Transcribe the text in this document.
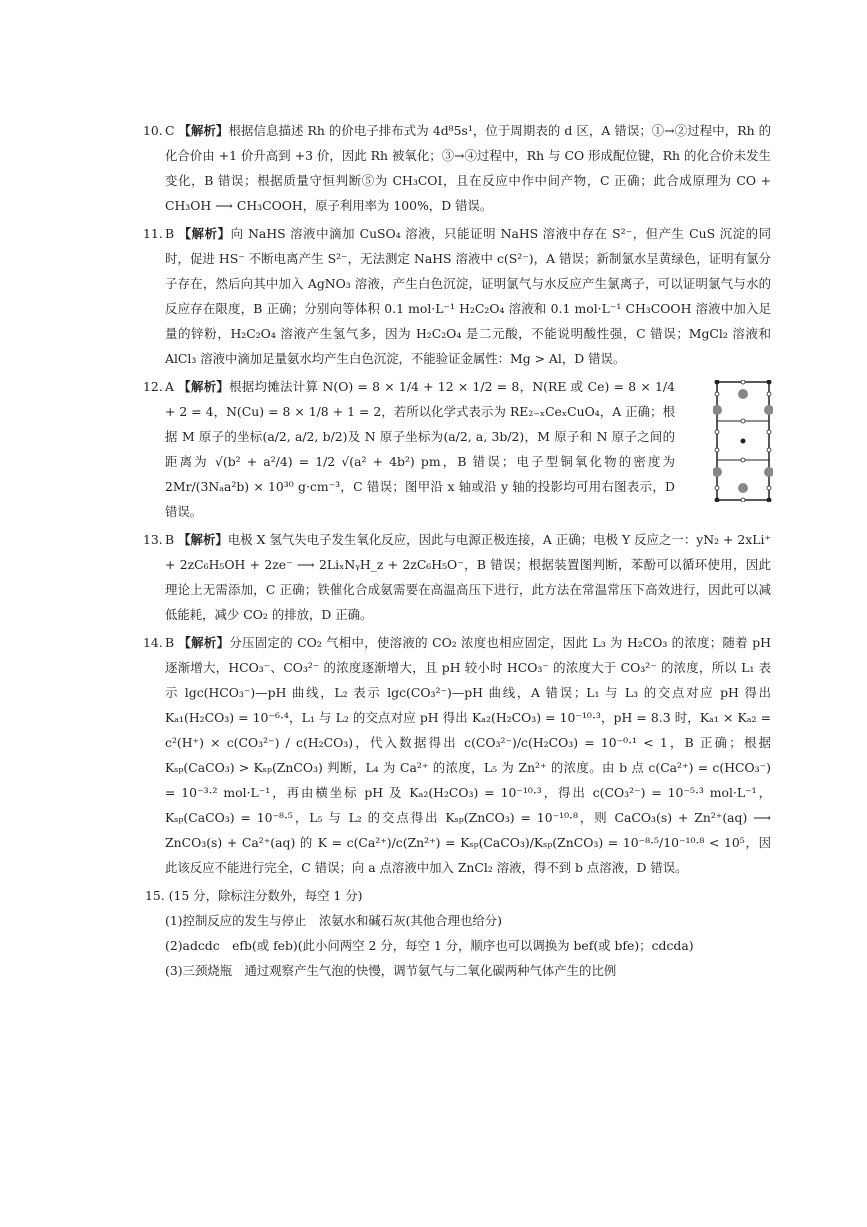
10. C 【解析】根据信息描述 Rh 的价电子排布式为 4d⁸5s¹，位于周期表的 d 区，A 错误；①→②过程中，Rh 的化合价由 +1 价升高到 +3 价，因此 Rh 被氧化；③→④过程中，Rh 与 CO 形成配位键，Rh 的化合价未发生变化，B 错误；根据质量守恒判断⑤为 CH₃COI，且在反应中作中间产物，C 正确；此合成原理为 CO + CH₃OH ⟶ CH₃COOH，原子利用率为 100%，D 错误。
11. B 【解析】向 NaHS 溶液中滴加 CuSO₄ 溶液，只能证明 NaHS 溶液中存在 S²⁻，但产生 CuS 沉淀的同时，促进 HS⁻ 不断电离产生 S²⁻，无法测定 NaHS 溶液中 c(S²⁻)，A 错误；新制氯水呈黄绿色，证明有氯分子存在，然后向其中加入 AgNO₃ 溶液，产生白色沉淀，证明氯气与水反应产生氯离子，可以证明氯气与水的反应存在限度，B 正确；分别向等体积 0.1 mol·L⁻¹ H₂C₂O₄ 溶液和 0.1 mol·L⁻¹ CH₃COOH 溶液中加入足量的锌粉，H₂C₂O₄ 溶液产生氢气多，因为 H₂C₂O₄ 是二元酸，不能说明酸性强，C 错误；MgCl₂ 溶液和 AlCl₃ 溶液中滴加足量氨水均产生白色沉淀，不能验证金属性：Mg > Al，D 错误。
12. A 【解析】根据均摊法计算 N(O) = 8 × 1/4 + 12 × 1/2 = 8，N(RE 或 Ce) = 8 × 1/4 + 2 = 4，N(Cu) = 8 × 1/8 + 1 = 2，若所以化学式表示为 RE₂₋ₓCeₓCuO₄，A 正确；根据 M 原子的坐标(a/2, a/2, b/2)及 N 原子坐标为(a/2, a, 3b/2)，M 原子和 N 原子之间的距离为 √(b² + a²/4) = 1/2 √(a² + 4b²) pm，B 错误；电子型铜氧化物的密度为 2Mr/(3Nₐa²b) × 10³⁰ g·cm⁻³，C 错误；图甲沿 x 轴或沿 y 轴的投影均可用右图表示，D 错误。
13. B 【解析】电极 X 氢气失电子发生氧化反应，因此与电源正极连接，A 正确；电极 Y 反应之一：yN₂ + 2xLi⁺ + 2zC₆H₅OH + 2ze⁻ ⟶ 2LiₓNᵧH_z + 2zC₆H₅O⁻，B 错误；根据装置图判断，苯酚可以循环使用，因此理论上无需添加，C 正确；铁催化合成氨需要在高温高压下进行，此方法在常温常压下高效进行，因此可以减低能耗，减少 CO₂ 的排放，D 正确。
14. B 【解析】分压固定的 CO₂ 气相中，使溶液的 CO₂ 浓度也相应固定，因此 L₃ 为 H₂CO₃ 的浓度；随着 pH 逐渐增大，HCO₃⁻、CO₃²⁻ 的浓度逐渐增大，且 pH 较小时 HCO₃⁻ 的浓度大于 CO₃²⁻ 的浓度，所以 L₁ 表示 lgc(HCO₃⁻)—pH 曲线，L₂ 表示 lgc(CO₃²⁻)—pH 曲线，A 错误；L₁ 与 L₃ 的交点对应 pH 得出 Kₐ₁(H₂CO₃) = 10⁻⁶·⁴，L₁ 与 L₂ 的交点对应 pH 得出 Kₐ₂(H₂CO₃) = 10⁻¹⁰·³，pH = 8.3 时，Kₐ₁ × Kₐ₂ = c²(H⁺) × c(CO₃²⁻) / c(H₂CO₃)，代入数据得出 c(CO₃²⁻)/c(H₂CO₃) = 10⁻⁰·¹ < 1，B 正确；根据 Kₛₚ(CaCO₃) > Kₛₚ(ZnCO₃) 判断，L₄ 为 Ca²⁺ 的浓度，L₅ 为 Zn²⁺ 的浓度。由 b 点 c(Ca²⁺) = c(HCO₃⁻) = 10⁻³·² mol·L⁻¹，再由横坐标 pH 及 Kₐ₂(H₂CO₃) = 10⁻¹⁰·³，得出 c(CO₃²⁻) = 10⁻⁵·³ mol·L⁻¹，Kₛₚ(CaCO₃) = 10⁻⁸·⁵，L₅ 与 L₂ 的交点得出 Kₛₚ(ZnCO₃) = 10⁻¹⁰·⁸，则 CaCO₃(s) + Zn²⁺(aq) ⟶ ZnCO₃(s) + Ca²⁺(aq) 的 K = c(Ca²⁺)/c(Zn²⁺) = Kₛₚ(CaCO₃)/Kₛₚ(ZnCO₃) = 10⁻⁸·⁵/10⁻¹⁰·⁸ < 10⁵，因此该反应不能进行完全，C 错误；向 a 点溶液中加入 ZnCl₂ 溶液，得不到 b 点溶液，D 错误。
15. (15 分，除标注分数外，每空 1 分)
(1)控制反应的发生与停止　浓氨水和碱石灰(其他合理也给分)
(2)adcdc　efb(或 feb)(此小问两空 2 分，每空 1 分，顺序也可以调换为 bef(或 bfe)；cdcda)
(3)三颈烧瓶　通过观察产生气泡的快慢，调节氨气与二氧化碳两种气体产生的比例
